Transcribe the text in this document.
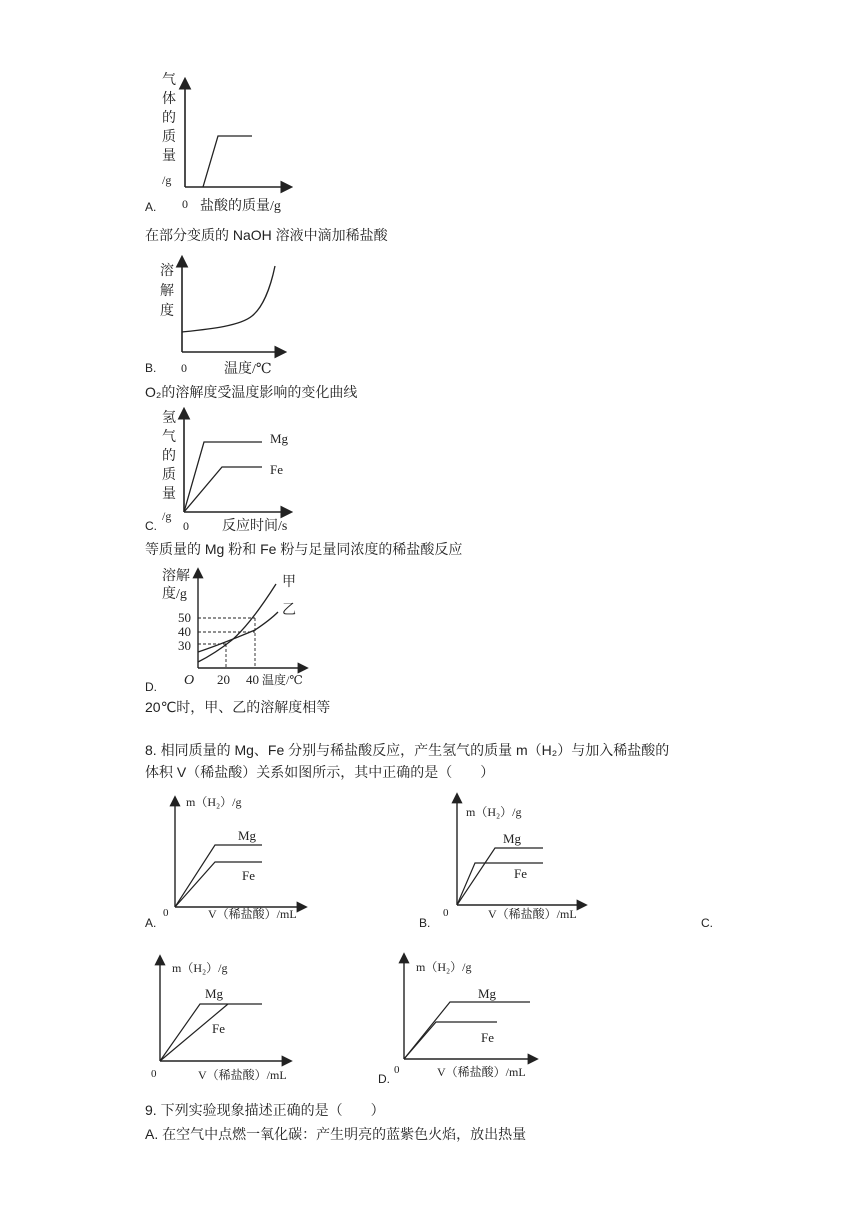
气
体
的
质
量
/g
0 盐酸的质量/g
A.
在部分变质的 NaOH 溶液中滴加稀盐酸
溶
解
度
0	温度/℃
B.
O₂的溶解度受温度影响的变化曲线
Mg
Fe
氢
气
的
质
量
/g
0 反应时间/s
C.
等质量的 Mg 粉和 Fe 粉与足量同浓度的稀盐酸反应
甲
乙
溶解
度/g
50
40
30
O 20 40 温度/℃
D.
20℃时，甲、乙的溶解度相等
8. 相同质量的 Mg、Fe 分别与稀盐酸反应，产生氢气的质量 m（H₂）与加入稀盐酸的
体积 V（稀盐酸）关系如图所示，其中正确的是（　　）
m（H₂）/g
Mg
Fe
0	V（稀盐酸）/mL
A.
m（H₂）/g
Mg
Fe
0	V（稀盐酸）/mL
B.	C.
m（H₂）/g
Mg
Fe
0	V（稀盐酸）/mL
m（H₂）/g
Mg
Fe
0	V（稀盐酸）/mL
D.
9. 下列实验现象描述正确的是（　　）
A. 在空气中点燃一氧化碳：产生明亮的蓝紫色火焰，放出热量
